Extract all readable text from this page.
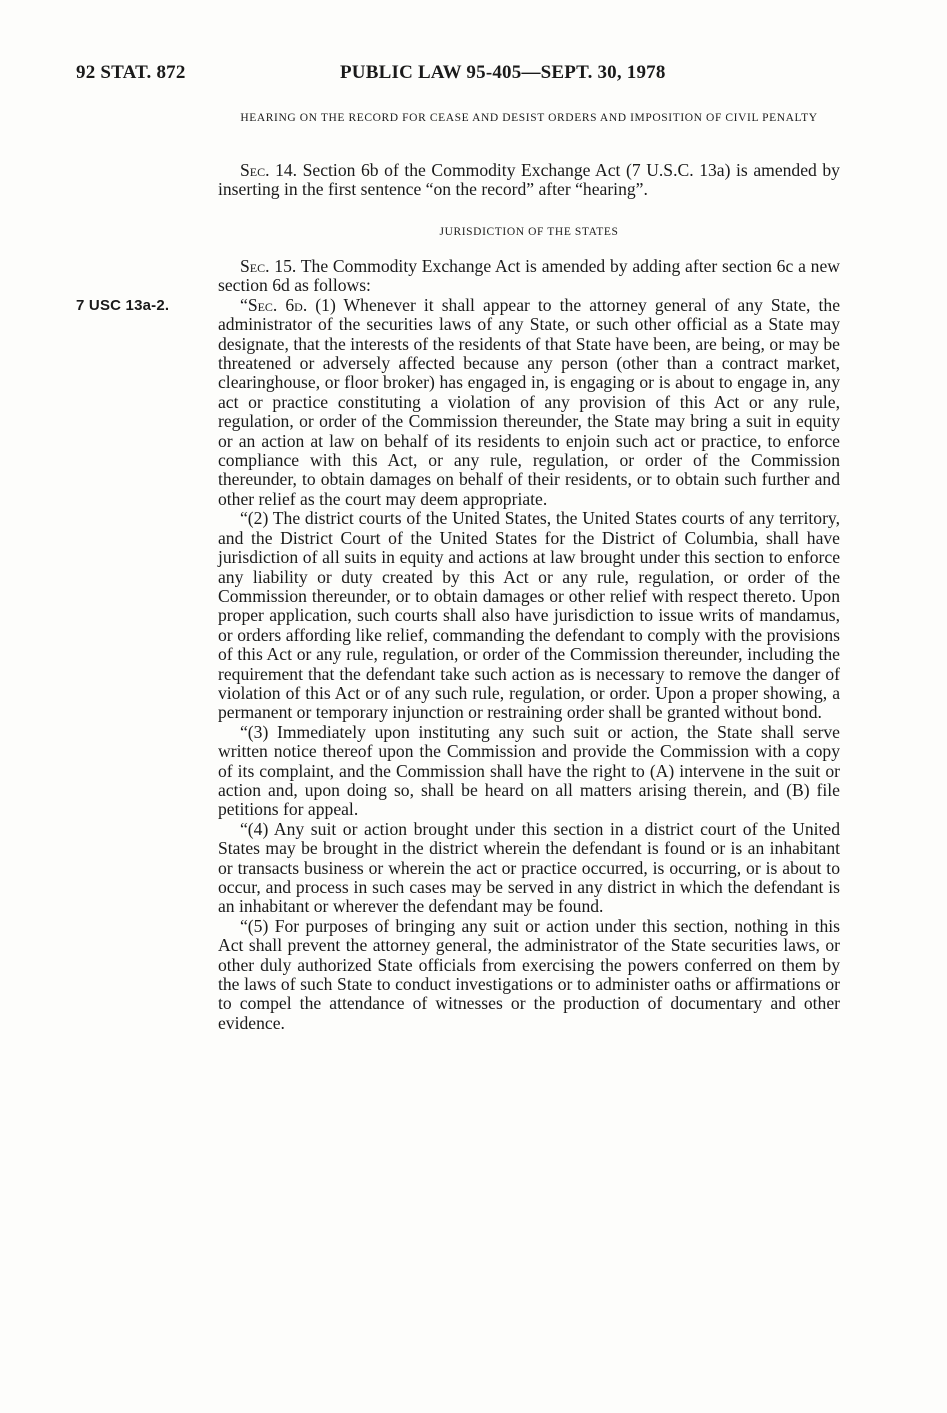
92 STAT. 872	PUBLIC LAW 95-405—SEPT. 30, 1978
HEARING ON THE RECORD FOR CEASE AND DESIST ORDERS AND IMPOSITION OF CIVIL PENALTY

Sec. 14. Section 6b of the Commodity Exchange Act (7 U.S.C. 13a) is amended by inserting in the first sentence “on the record” after “hearing”.

JURISDICTION OF THE STATES
7 USC 13a-2.

Sec. 15. The Commodity Exchange Act is amended by adding after section 6c a new section 6d as follows:

“Sec. 6d. (1) Whenever it shall appear to the attorney general of any State, the administrator of the securities laws of any State, or such other official as a State may designate, that the interests of the residents of that State have been, are being, or may be threatened or adversely affected because any person (other than a contract market, clearinghouse, or floor broker) has engaged in, is engaging or is about to engage in, any act or practice constituting a violation of any provision of this Act or any rule, regulation, or order of the Commission thereunder, the State may bring a suit in equity or an action at law on behalf of its residents to enjoin such act or practice, to enforce compliance with this Act, or any rule, regulation, or order of the Commission thereunder, to obtain damages on behalf of their residents, or to obtain such further and other relief as the court may deem appropriate.

“(2) The district courts of the United States, the United States courts of any territory, and the District Court of the United States for the District of Columbia, shall have jurisdiction of all suits in equity and actions at law brought under this section to enforce any liability or duty created by this Act or any rule, regulation, or order of the Commission thereunder, or to obtain damages or other relief with respect thereto. Upon proper application, such courts shall also have jurisdiction to issue writs of mandamus, or orders affording like relief, commanding the defendant to comply with the provisions of this Act or any rule, regulation, or order of the Commission thereunder, including the requirement that the defendant take such action as is necessary to remove the danger of violation of this Act or of any such rule, regulation, or order. Upon a proper showing, a permanent or temporary injunction or restraining order shall be granted without bond.

“(3) Immediately upon instituting any such suit or action, the State shall serve written notice thereof upon the Commission and provide the Commission with a copy of its complaint, and the Commission shall have the right to (A) intervene in the suit or action and, upon doing so, shall be heard on all matters arising therein, and (B) file petitions for appeal.

“(4) Any suit or action brought under this section in a district court of the United States may be brought in the district wherein the defendant is found or is an inhabitant or transacts business or wherein the act or practice occurred, is occurring, or is about to occur, and process in such cases may be served in any district in which the defendant is an inhabitant or wherever the defendant may be found.

“(5) For purposes of bringing any suit or action under this section, nothing in this Act shall prevent the attorney general, the administrator of the State securities laws, or other duly authorized State officials from exercising the powers conferred on them by the laws of such State to conduct investigations or to administer oaths or affirmations or to compel the attendance of witnesses or the production of documentary and other evidence.
